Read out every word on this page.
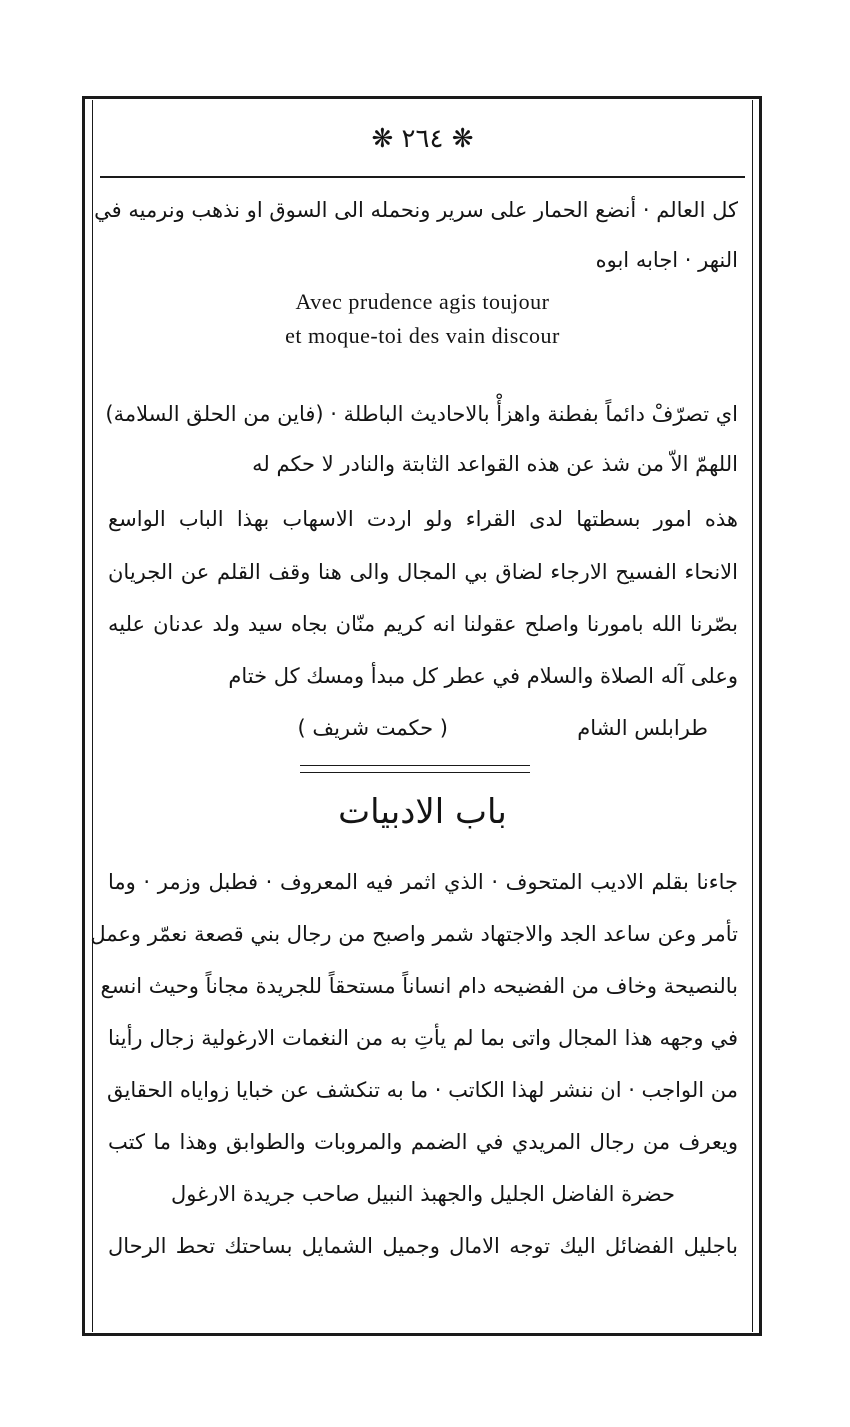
❋ ٢٦٤ ❋
كل العالم · أنضع الحمار على سرير ونحمله الى السوق او نذهب ونرميه في
النهر · اجابه ابوه
Avec prudence agis toujour
et moque-toi des vain discour
اي تصرّفْ دائماً بفطنة واهزأْ بالاحاديث الباطلة · (فاين من الحلق السلامة)
اللهمّ الاّ من شذ عن هذه القواعد الثابتة والنادر لا حكم له
هذه امور بسطتها لدى القراء ولو اردت الاسهاب بهذا الباب الواسع
الانحاء الفسيح الارجاء لضاق بي المجال والى هنا وقف القلم عن الجريان
بصّرنا الله بامورنا واصلح عقولنا انه كريم منّان بجاه سيد ولد عدنان عليه
وعلى آله الصلاة والسلام في عطر كل مبدأ ومسك كل ختام
طرابلس الشام
( حكمت شريف )
باب الادبيات
جاءنا بقلم الاديب المتحوف · الذي اثمر فيه المعروف · فطبل وزمر · وما
تأمر وعن ساعد الجد والاجتهاد شمر واصبح من رجال بني قصعة نعمّر وعمل
بالنصيحة وخاف من الفضيحه دام انساناً مستحقاً للجريدة مجاناً وحيث انسع
في وجهه هذا المجال واتى بما لم يأتِ به من النغمات الارغولية زجال رأينا
من الواجب · ان ننشر لهذا الكاتب · ما به تنكشف عن خبايا زواياه الحقايق
ويعرف من رجال المريدي في الضمم والمروبات والطوابق وهذا ما كتب
حضرة الفاضل الجليل والجهبذ النبيل صاحب جريدة الارغول
باجليل الفضائل اليك توجه الامال وجميل الشمايل بساحتك تحط الرحال
